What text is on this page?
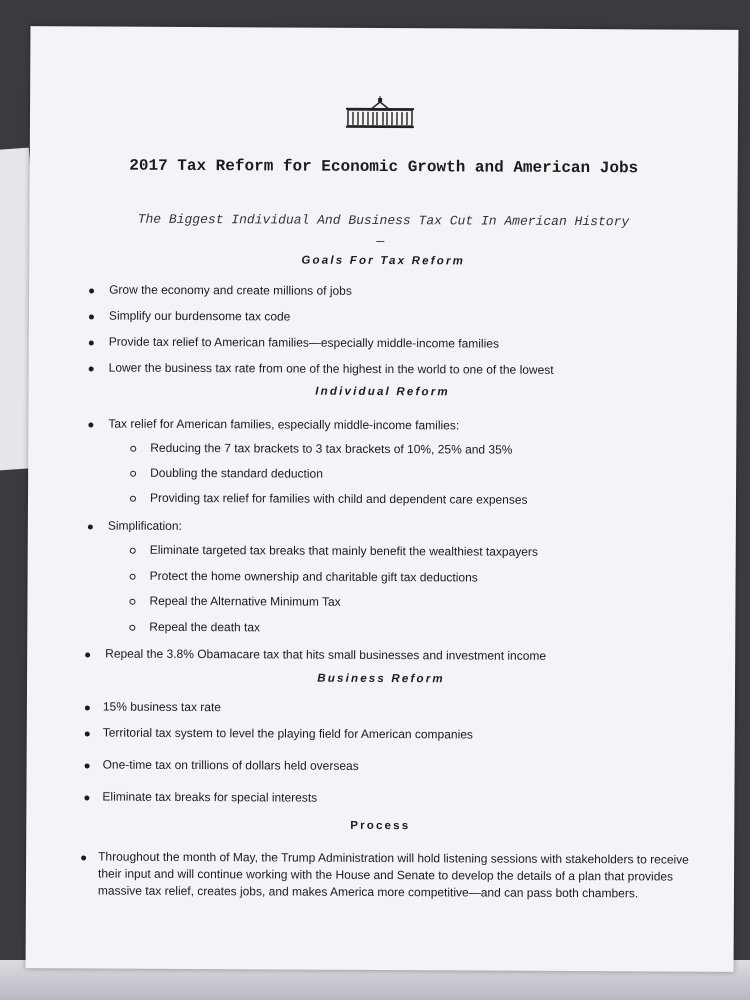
2017 Tax Reform for Economic Growth and American Jobs
The Biggest Individual And Business Tax Cut In American History
Goals For Tax Reform
Grow the economy and create millions of jobs
Simplify our burdensome tax code
Provide tax relief to American families—especially middle-income families
Lower the business tax rate from one of the highest in the world to one of the lowest
Individual Reform
Tax relief for American families, especially middle-income families:
Reducing the 7 tax brackets to 3 tax brackets of 10%, 25% and 35%
Doubling the standard deduction
Providing tax relief for families with child and dependent care expenses
Simplification:
Eliminate targeted tax breaks that mainly benefit the wealthiest taxpayers
Protect the home ownership and charitable gift tax deductions
Repeal the Alternative Minimum Tax
Repeal the death tax
Repeal the 3.8% Obamacare tax that hits small businesses and investment income
Business Reform
15% business tax rate
Territorial tax system to level the playing field for American companies
One-time tax on trillions of dollars held overseas
Eliminate tax breaks for special interests
Process
Throughout the month of May, the Trump Administration will hold listening sessions with stakeholders to receive their input and will continue working with the House and Senate to develop the details of a plan that provides massive tax relief, creates jobs, and makes America more competitive—and can pass both chambers.
